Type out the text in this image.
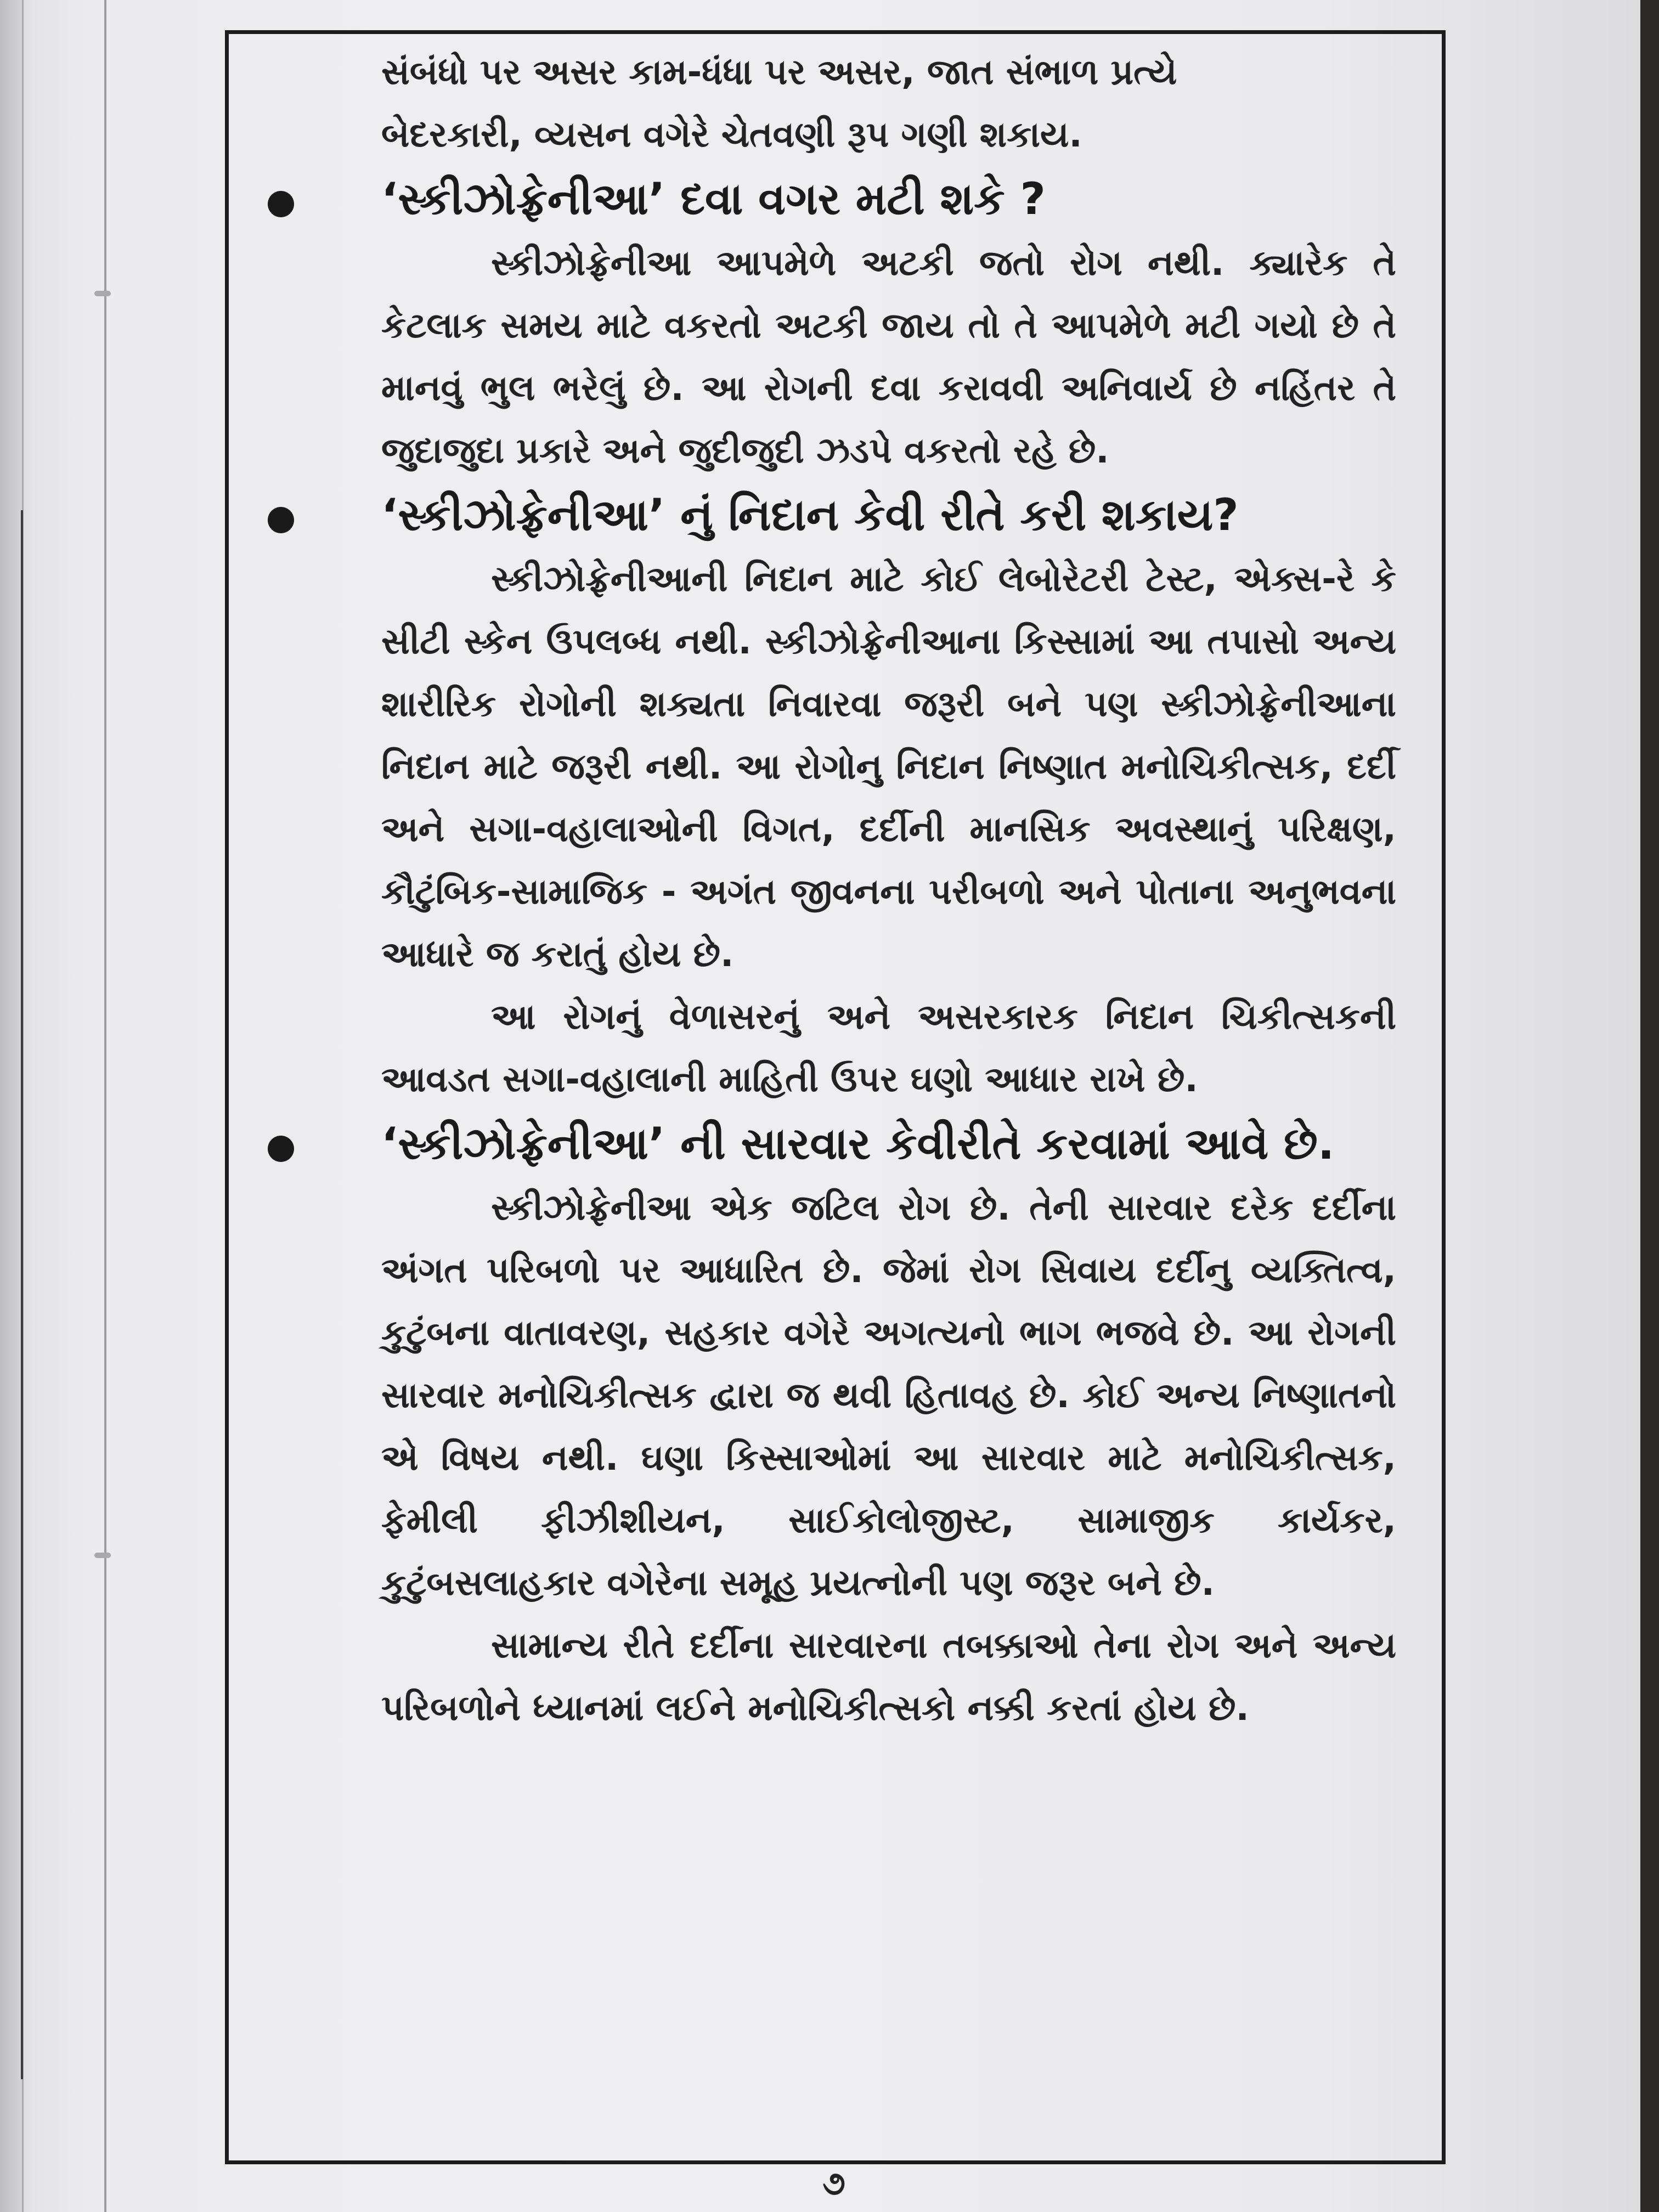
સંબંધો પર અસર કામ-ધંધા પર અસર, જાત સંભાળ પ્રત્યે

બેદરકારી, વ્યસન વગેરે ચેતવણી રૂપ ગણી શકાય.

‘સ્કીઝોફ્રેનીઆ’ દવા વગર મટી શકે ?

સ્કીઝોફ્રેનીઆ આપમેળે અટકી જતો રોગ નથી. ક્યારેક તે કેટલાક સમય માટે વકરતો અટકી જાય તો તે આપમેળે મટી ગયો છે તે માનવું ભુલ ભરેલું છે. આ રોગની દવા કરાવવી અનિવાર્ય છે નહિંતર તે જુદાજુદા પ્રકારે અને જુદીજુદી ઝડપે વકરતો રહે છે.

‘સ્કીઝોફ્રેનીઆ’ નું નિદાન કેવી રીતે કરી શકાય?

સ્કીઝોફ્રેનીઆની નિદાન માટે કોઈ લેબોરેટરી ટેસ્ટ, એક્સ-રે કે સીટી સ્કેન ઉપલબ્ધ નથી. સ્કીઝોફ્રેનીઆના કિસ્સામાં આ તપાસો અન્ય શારીરિક રોગોની શક્યતા નિવારવા જરૂરી બને પણ સ્કીઝોફ્રેનીઆના નિદાન માટે જરૂરી નથી. આ રોગોનુ નિદાન નિષ્ણાત મનોચિકીત્સક, દર્દી અને સગા-વહાલાઓની વિગત, દર્દીની માનસિક અવસ્થાનું પરિક્ષણ, કૌટુંબિક-સામાજિક - અગંત જીવનના પરીબળો અને પોતાના અનુભવના આધારે જ કરાતું હોય છે.

આ રોગનું વેળાસરનું અને અસરકારક નિદાન ચિકીત્સકની આવડત સગા-વહાલાની માહિતી ઉપર ઘણો આધાર રાખે છે.

‘સ્કીઝોફ્રેનીઆ’ ની સારવાર કેવીરીતે કરવામાં આવે છે.

સ્કીઝોફ્રેનીઆ એક જટિલ રોગ છે. તેની સારવાર દરેક દર્દીના અંગત પરિબળો પર આધારિત છે. જેમાં રોગ સિવાય દર્દીનુ વ્યક્તિત્વ, કુટુંબના વાતાવરણ, સહકાર વગેરે અગત્યનો ભાગ ભજવે છે. આ રોગની સારવાર મનોચિકીત્સક દ્વારા જ થવી હિતાવહ છે. કોઈ અન્ય નિષ્ણાતનો એ વિષય નથી. ઘણા કિસ્સાઓમાં આ સારવાર માટે મનોચિકીત્સક, ફેમીલી ફીઝીશીયન, સાઈકોલોજીસ્ટ, સામાજીક કાર્યકર, કુટુંબસલાહકાર વગેરેના સમૂહ પ્રયત્નોની પણ જરૂર બને છે.

સામાન્ય રીતે દર્દીના સારવારના તબક્કાઓ તેના રોગ અને અન્ય પરિબળોને ધ્યાનમાં લઈને મનોચિકીત્સકો નક્કી કરતાં હોય છે.

૭
